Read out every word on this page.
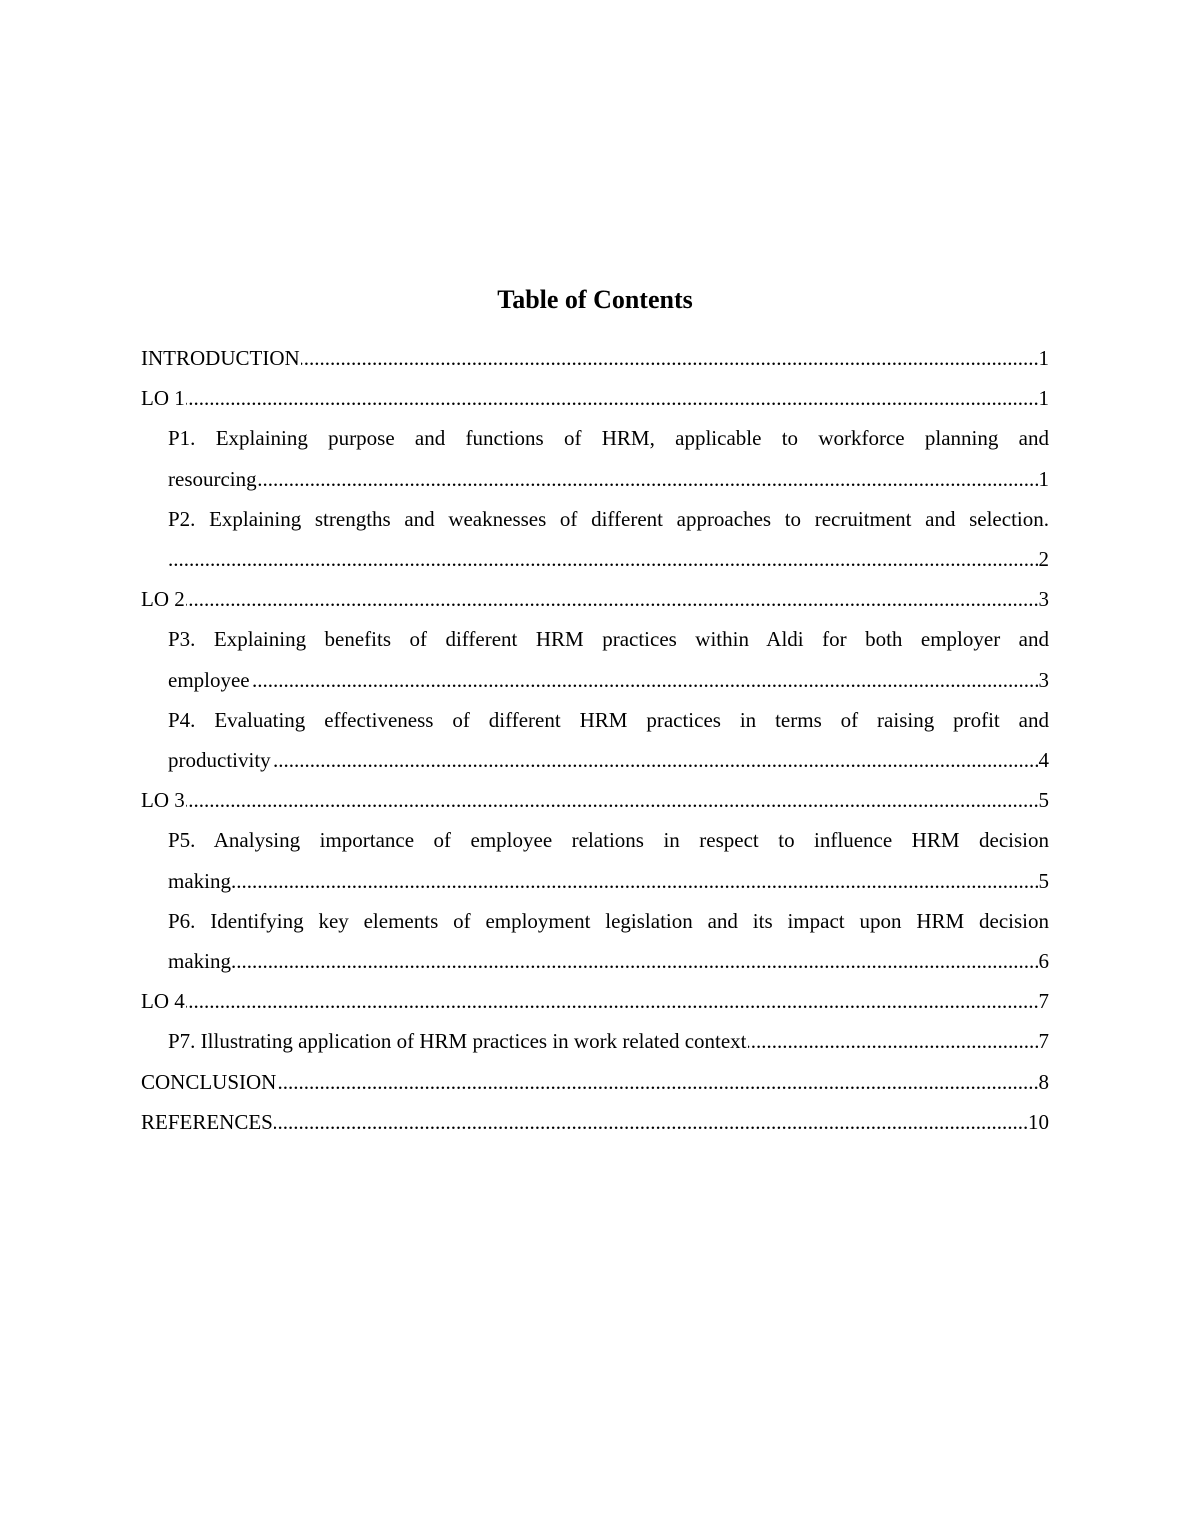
Table of Contents
INTRODUCTION	1
.....
LO 1	1
.....
P1. Explaining purpose and functions of HRM, applicable to workforce planning and
resourcing	1
.....
P2. Explaining strengths and weaknesses of different approaches to recruitment and selection.
2
.....
LO 2	3
.....
P3. Explaining benefits of different HRM practices within Aldi for both employer and
employee	3
.....
P4. Evaluating effectiveness of different HRM practices in terms of raising profit and
productivity	4
.....
LO 3	5
.....
P5. Analysing importance of employee relations in respect to influence HRM decision
making	5
.....
P6. Identifying key elements of employment legislation and its impact upon HRM decision
making	6
.....
LO 4	7
.....
P7. Illustrating application of HRM practices in work related context	7
.....
CONCLUSION	8
.....
REFERENCES	10
.....
